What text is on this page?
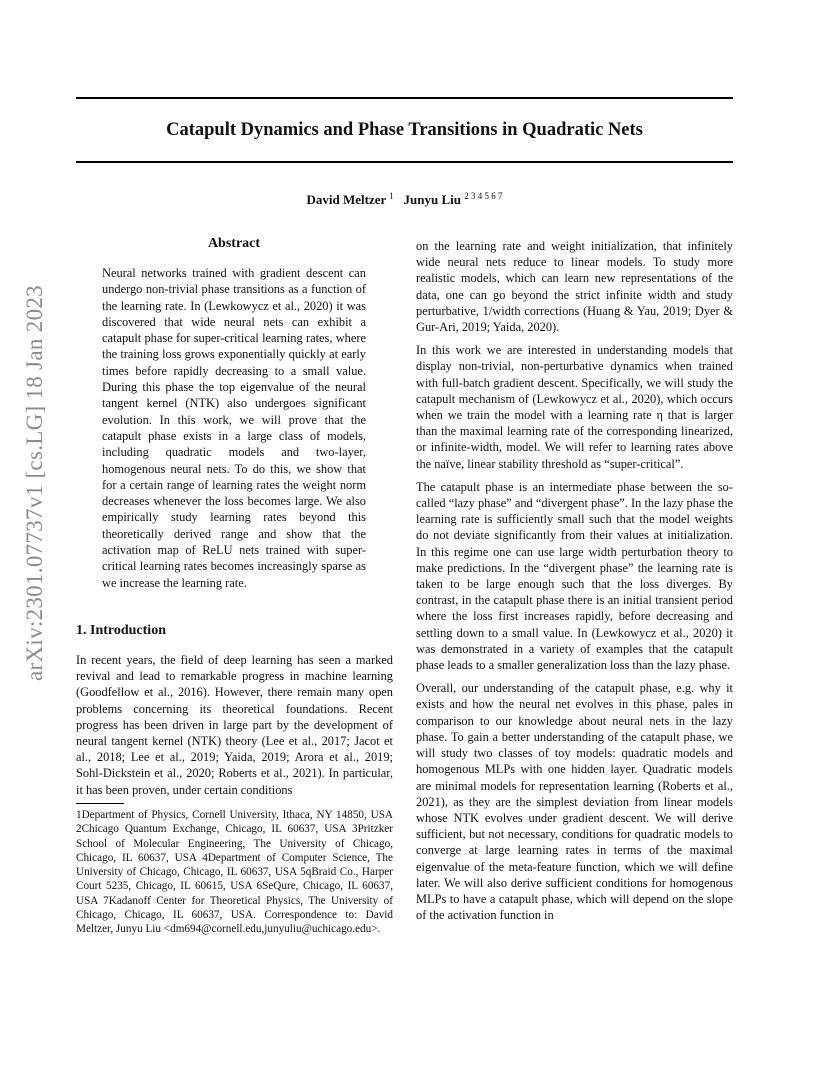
arXiv:2301.07737v1 [cs.LG] 18 Jan 2023
Catapult Dynamics and Phase Transitions in Quadratic Nets
David Meltzer $^1$ Junyu Liu $^{2 3 4 5 6 7}$
Abstract
Neural networks trained with gradient descent can undergo non-trivial phase transitions as a function of the learning rate. In (Lewkowycz et al., 2020) it was discovered that wide neural nets can exhibit a catapult phase for super-critical learning rates, where the training loss grows exponentially quickly at early times before rapidly decreasing to a small value. During this phase the top eigenvalue of the neural tangent kernel (NTK) also undergoes significant evolution. In this work, we will prove that the catapult phase exists in a large class of models, including quadratic models and two-layer, homogenous neural nets. To do this, we show that for a certain range of learning rates the weight norm decreases whenever the loss becomes large. We also empirically study learning rates beyond this theoretically derived range and show that the activation map of ReLU nets trained with super-critical learning rates becomes increasingly sparse as we increase the learning rate.
1. Introduction

In recent years, the field of deep learning has seen a marked revival and lead to remarkable progress in machine learning (Goodfellow et al., 2016). However, there remain many open problems concerning its theoretical foundations. Recent progress has been driven in large part by the development of neural tangent kernel (NTK) theory (Lee et al., 2017; Jacot et al., 2018; Lee et al., 2019; Yaida, 2019; Arora et al., 2019; Sohl-Dickstein et al., 2020; Roberts et al., 2021). In particular, it has been proven, under certain conditions

1Department of Physics, Cornell University, Ithaca, NY 14850, USA 2Chicago Quantum Exchange, Chicago, IL 60637, USA 3Pritzker School of Molecular Engineering, The University of Chicago, Chicago, IL 60637, USA 4Department of Computer Science, The University of Chicago, Chicago, IL 60637, USA 5qBraid Co., Harper Court 5235, Chicago, IL 60615, USA 6SeQure, Chicago, IL 60637, USA 7Kadanoff Center for Theoretical Physics, The University of Chicago, Chicago, IL 60637, USA. Correspondence to: David Meltzer, Junyu Liu <dm694@cornell.edu,junyuliu@uchicago.edu>.

on the learning rate and weight initialization, that infinitely wide neural nets reduce to linear models. To study more realistic models, which can learn new representations of the data, one can go beyond the strict infinite width and study perturbative, 1/width corrections (Huang & Yau, 2019; Dyer & Gur-Ari, 2019; Yaida, 2020).

In this work we are interested in understanding models that display non-trivial, non-perturbative dynamics when trained with full-batch gradient descent. Specifically, we will study the catapult mechanism of (Lewkowycz et al., 2020), which occurs when we train the model with a learning rate η that is larger than the maximal learning rate of the corresponding linearized, or infinite-width, model. We will refer to learning rates above the naïve, linear stability threshold as “super-critical”.

The catapult phase is an intermediate phase between the so-called “lazy phase” and “divergent phase”. In the lazy phase the learning rate is sufficiently small such that the model weights do not deviate significantly from their values at initialization. In this regime one can use large width perturbation theory to make predictions. In the “divergent phase” the learning rate is taken to be large enough such that the loss diverges. By contrast, in the catapult phase there is an initial transient period where the loss first increases rapidly, before decreasing and settling down to a small value. In (Lewkowycz et al., 2020) it was demonstrated in a variety of examples that the catapult phase leads to a smaller generalization loss than the lazy phase.

Overall, our understanding of the catapult phase, e.g. why it exists and how the neural net evolves in this phase, pales in comparison to our knowledge about neural nets in the lazy phase. To gain a better understanding of the catapult phase, we will study two classes of toy models: quadratic models and homogenous MLPs with one hidden layer. Quadratic models are minimal models for representation learning (Roberts et al., 2021), as they are the simplest deviation from linear models whose NTK evolves under gradient descent. We will derive sufficient, but not necessary, conditions for quadratic models to converge at large learning rates in terms of the maximal eigenvalue of the meta-feature function, which we will define later. We will also derive sufficient conditions for homogenous MLPs to have a catapult phase, which will depend on the slope of the activation function in
